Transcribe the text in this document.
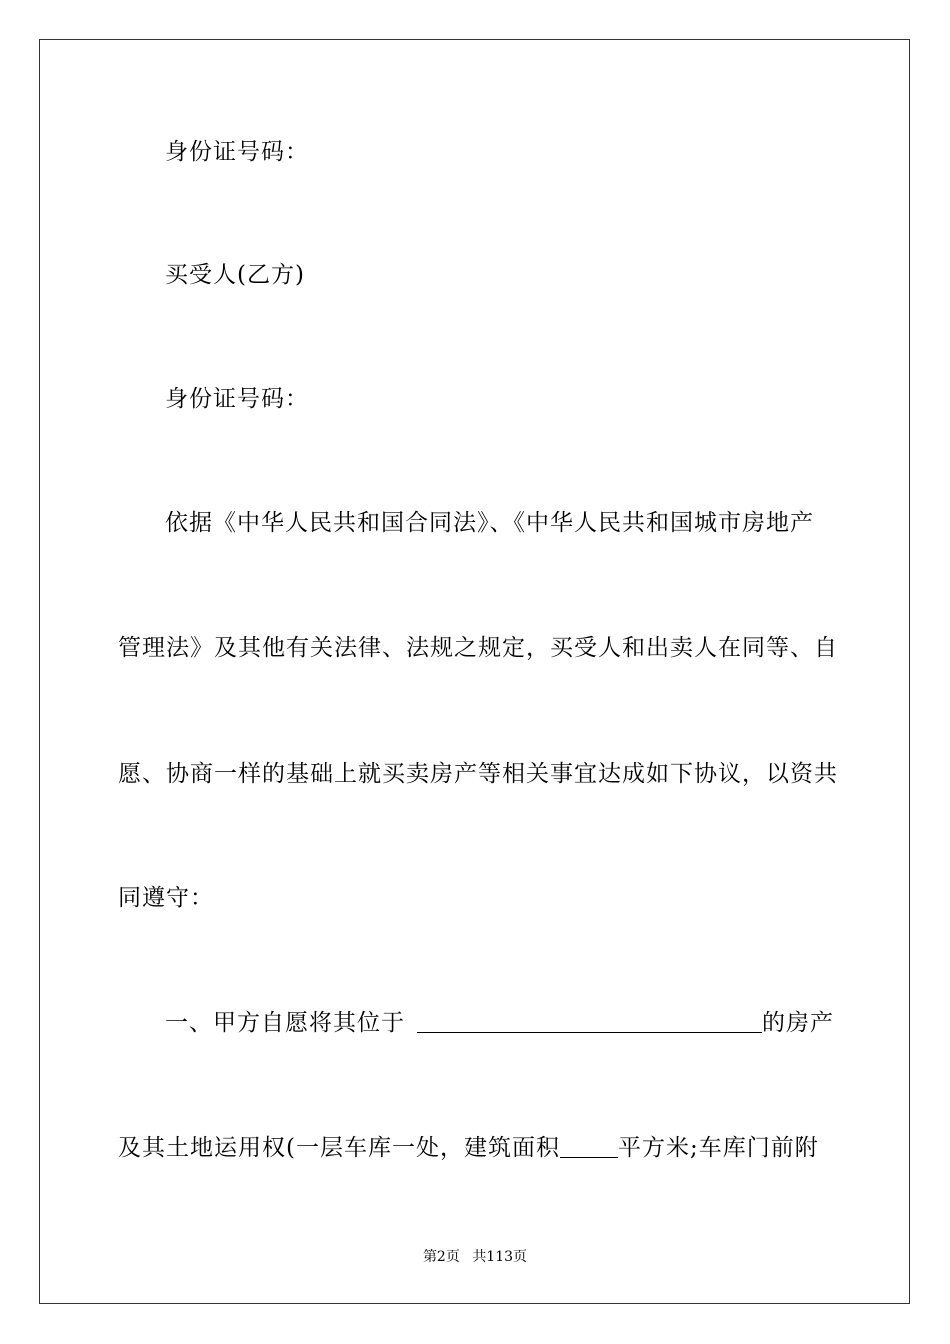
身份证号码：
买受人(乙方)
身份证号码：
依据《中华人民共和国合同法》、《中华人民共和国城市房地产
管理法》及其他有关法律、法规之规定，买受人和出卖人在同等、自
愿、协商一样的基础上就买卖房产等相关事宜达成如下协议，以资共
同遵守：
一、甲方自愿将其位于	的房产
及其土地运用权(一层车库一处，建筑面积	平方米;车库门前附
第2页 共113页
